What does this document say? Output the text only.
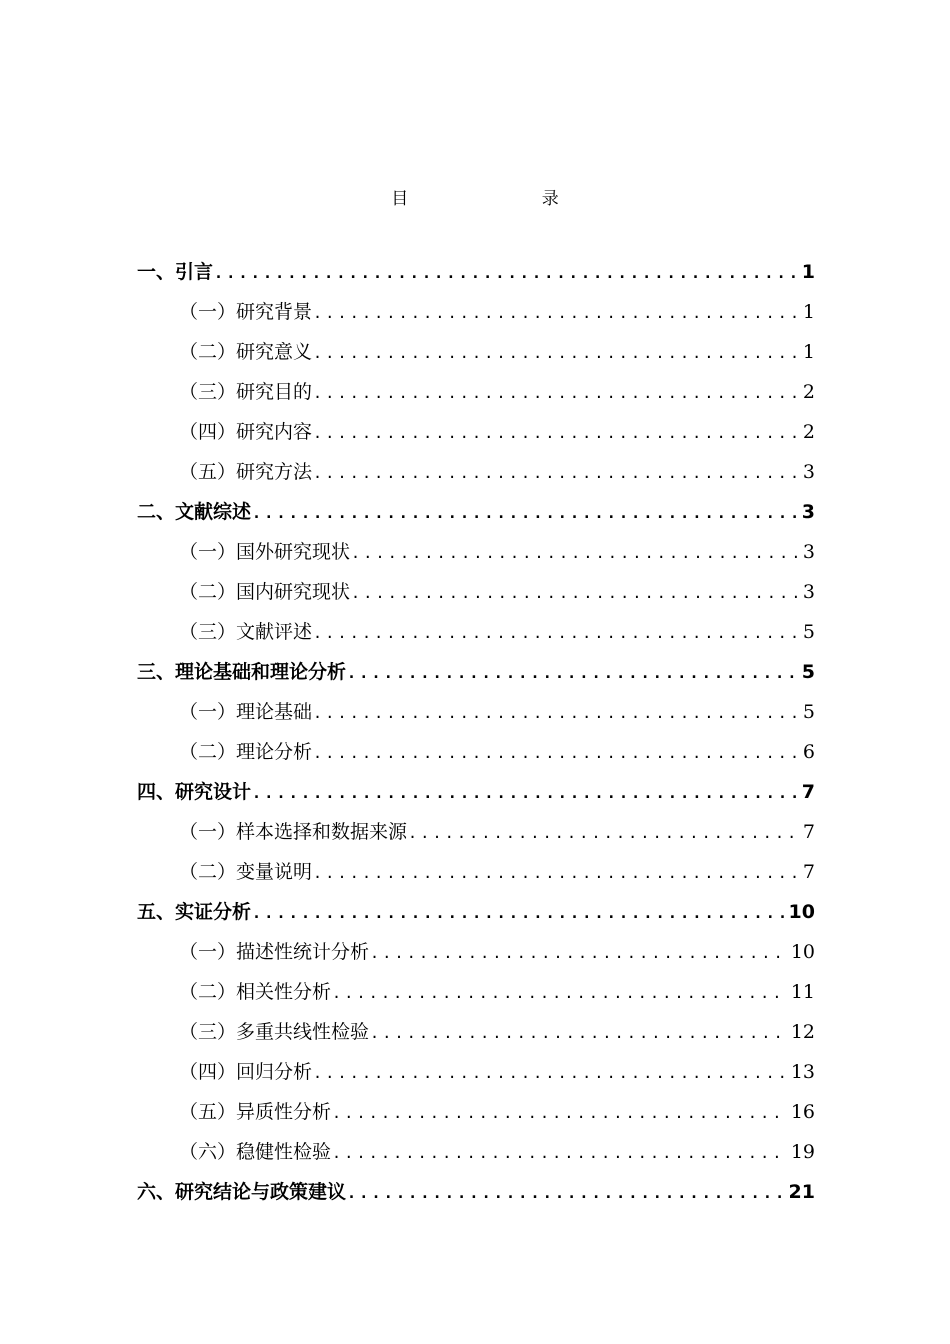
目 录
一、 引言 .....	1
（一） 研究背景 .....	1
（二） 研究意义 .....	1
（三） 研究目的 .....	2
（四） 研究内容 .....	2
（五） 研究方法 .....	3
二、 文献综述 .....	3
（一） 国外研究现状 .....	3
（二） 国内研究现状 .....	3
（三） 文献评述 .....	5
三、 理论基础和理论分析 .....	5
（一） 理论基础 .....	5
（二） 理论分析 .....	6
四、 研究设计 .....	7
（一） 样本选择和数据来源 .....	7
（二） 变量说明 .....	7
五、 实证分析 .....	10
（一） 描述性统计分析 .....	10
（二） 相关性分析 .....	11
（三） 多重共线性检验 .....	12
（四） 回归分析 .....	13
（五） 异质性分析 .....	16
（六） 稳健性检验 .....	19
六、 研究结论与政策建议 .....	21
